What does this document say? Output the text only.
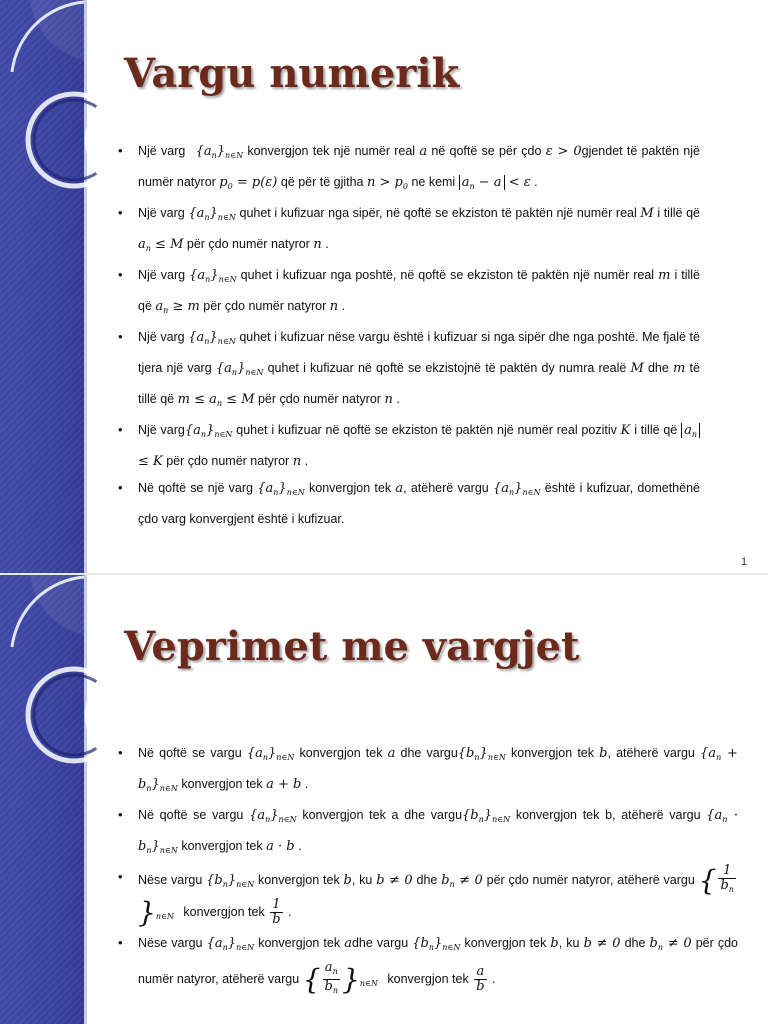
Vargu numerik
• Një varg $\{a_n\}_{n\in N}$ konvergjon tek një numër real a në qoftë se për çdo ε > 0gjendet të paktën një numër natyror $p_0 = p(\varepsilon)$ që për të gjitha $n > p_0$ ne kemi $a_n - a < \varepsilon$ .
• Një varg $\{a_n\}_{n\in N}$ quhet i kufizuar nga sipër, në qoftë se ekziston të paktën një numër real M i tillë që $a_n \le M$ për çdo numër natyror n .
• Një varg $\{a_n\}_{n\in N}$ quhet i kufizuar nga poshtë, në qoftë se ekziston të paktën një numër real m i tillë që $a_n \ge m$ për çdo numër natyror n .
• Një varg $\{a_n\}_{n\in N}$ quhet i kufizuar nëse vargu është i kufizuar si nga sipër dhe nga poshtë. Me fjalë të tjera një varg $\{a_n\}_{n\in N}$ quhet i kufizuar në qoftë se ekzistojnë të paktën dy numra realë M dhe m të tillë që $m \le a_n \le M$ për çdo numër natyror n .
• Një $varg\{a_n\}_{n\in N}$ quhet i kufizuar në qoftë se ekziston të paktën një numër real pozitiv K i tillë që $a_n \le K$ për çdo numër natyror n .
• Në qoftë se një varg $\{a_n\}_{n\in N}$ konvergjon tek a, atëherë vargu $\{a_n\}_{n\in N}$ është i kufizuar, domethënë çdo varg konvergjent është i kufizuar.
1
Veprimet me vargjet
• Në qoftë se vargu $\{a_n\}_{n\in N}$ konvergjon tek a dhe $vargu\{b_n\}_{n\in N}$ konvergjon tek b, atëherë vargu $\{a_n + b_n\}_{n\in N}$ konvergjon tek a + b .
• Në qoftë se vargu $\{a_n\}_{n\in N}$ konvergjon tek a dhe $vargu\{b_n\}_{n\in N}$ konvergjon tek b, atëherë vargu $\{a_n \cdot b_n\}_{n\in N}$ konvergjon tek a · b .
• Nëse vargu $\{b_n\}_{n\in N}$ konvergjon tek b, ku b ≠ 0 dhe $b_n \ne 0$ për çdo numër natyror, atëherë vargu { $\frac{1}{b_n}$
}$_{n\in N}$ konvergjon tek $\frac{1}{b}$ .
• Nëse vargu $\{a_n\}_{n\in N}$ konvergjon tek adhe vargu $\{b_n\}_{n\in N}$ konvergjon tek b, ku b ≠ 0 dhe $b_n \ne 0$ për çdo numër natyror, atëherë vargu { $\frac{a_n}{b_n} \}_{n\in N}$ konvergjon tek $\frac{a}{b}$ .
